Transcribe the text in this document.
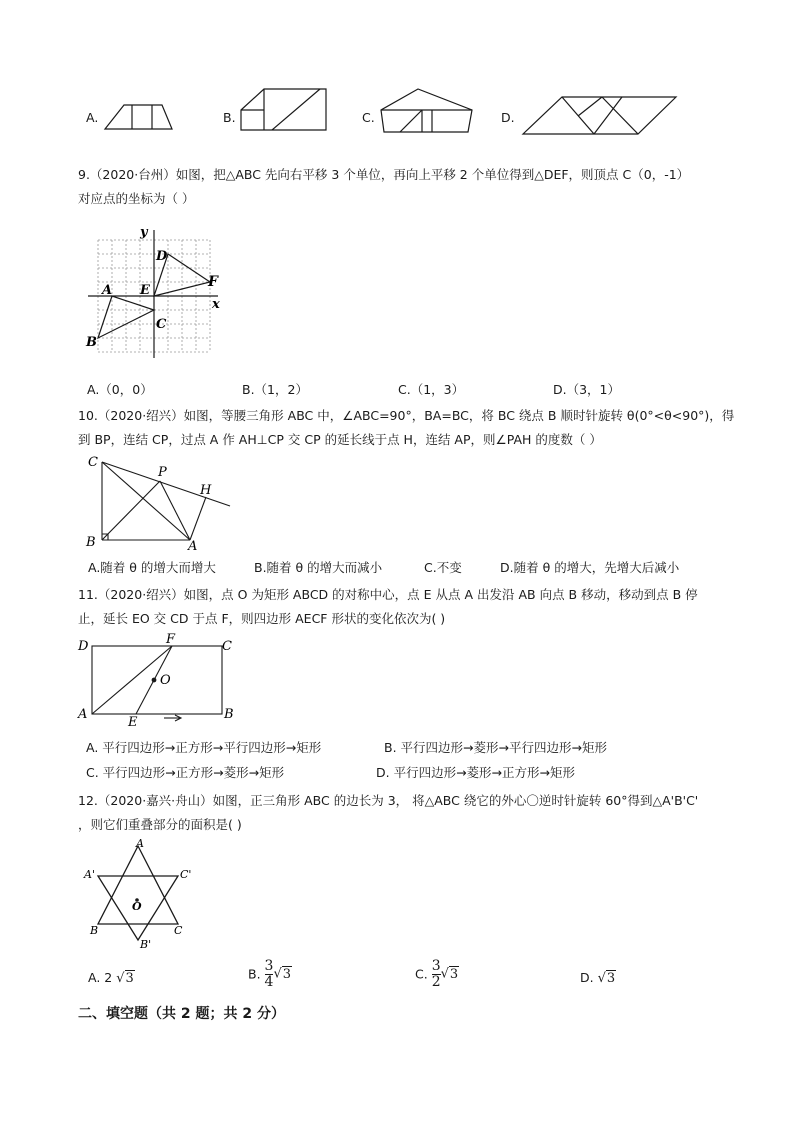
A.	B.	C.	D.
9.（2020·台州）如图，把△ABC 先向右平移 3 个单位，再向上平移 2 个单位得到△DEF，则顶点 C（0，-1）
对应点的坐标为（ ）
y
x
A
B
C
D
E
F
A.（0，0）	B.（1，2）	C.（1，3）	D.（3，1）
10.（2020·绍兴）如图，等腰三角形 ABC 中，∠ABC=90°，BA=BC，将 BC 绕点 B 顺时针旋转 θ(0°<θ<90°)，得
到 BP，连结 CP，过点 A 作 AH⊥CP 交 CP 的延长线于点 H，连结 AP，则∠PAH 的度数（ ）
C
P
H
B	A
A.随着 θ 的增大而增大	B.随着 θ 的增大而减小	C.不变	D.随着 θ 的增大，先增大后减小
11.（2020·绍兴）如图，点 O 为矩形 ABCD 的对称中心，点 E 从点 A 出发沿 AB 向点 B 移动，移动到点 B 停
止，延长 EO 交 CD 于点 F，则四边形 AECF 形状的变化依次为( )
D	F	C
O
A
E
B
A. 平行四边形→正方形→平行四边形→矩形	B. 平行四边形→菱形→平行四边形→矩形
C. 平行四边形→正方形→菱形→矩形	D. 平行四边形→菱形→正方形→矩形
12.（2020·嘉兴·舟山）如图，正三角形 ABC 的边长为 3， 将△ABC 绕它的外心〇逆时针旋转 60°得到△A'B'C'
，则它们重叠部分的面积是( )
A
A'	C'
O
B	C
B'
A. 2 √3	B. $\frac{3}{4} √3$	C. $\frac{3}{2} √3$	D. √3
二、填空题（共 2 题；共 2 分）
